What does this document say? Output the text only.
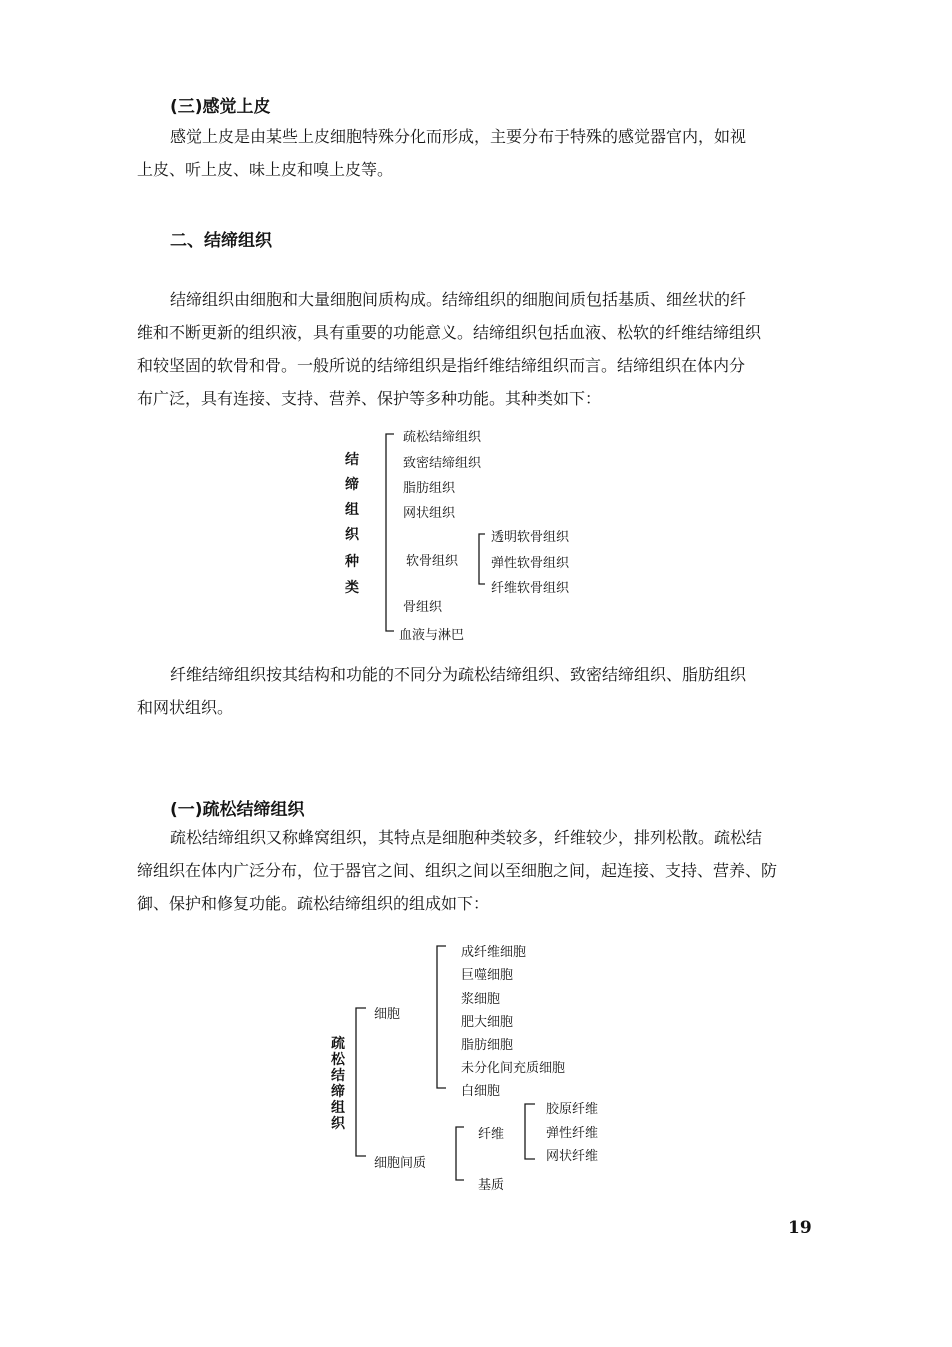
(三)感觉上皮
感觉上皮是由某些上皮细胞特殊分化而形成，主要分布于特殊的感觉器官内，如视
上皮、听上皮、味上皮和嗅上皮等。
二、结缔组织
结缔组织由细胞和大量细胞间质构成。结缔组织的细胞间质包括基质、细丝状的纤
维和不断更新的组织液，具有重要的功能意义。结缔组织包括血液、松软的纤维结缔组织
和较坚固的软骨和骨。一般所说的结缔组织是指纤维结缔组织而言。结缔组织在体内分
布广泛，具有连接、支持、营养、保护等多种功能。其种类如下：
结
缔
组
织
种
类
疏松结缔组织
致密结缔组织
脂肪组织
网状组织
软骨组织
骨组织
血液与淋巴
透明软骨组织
弹性软骨组织
纤维软骨组织
纤维结缔组织按其结构和功能的不同分为疏松结缔组织、致密结缔组织、脂肪组织
和网状组织。
(一)疏松结缔组织
疏松结缔组织又称蜂窝组织，其特点是细胞种类较多，纤维较少，排列松散。疏松结
缔组织在体内广泛分布，位于器官之间、组织之间以至细胞之间，起连接、支持、营养、防
御、保护和修复功能。疏松结缔组织的组成如下：
疏
松
结
缔
组
织
细胞
细胞间质
成纤维细胞
巨噬细胞
浆细胞
肥大细胞
脂肪细胞
未分化间充质细胞
白细胞
纤维
基质
胶原纤维
弹性纤维
网状纤维
19
